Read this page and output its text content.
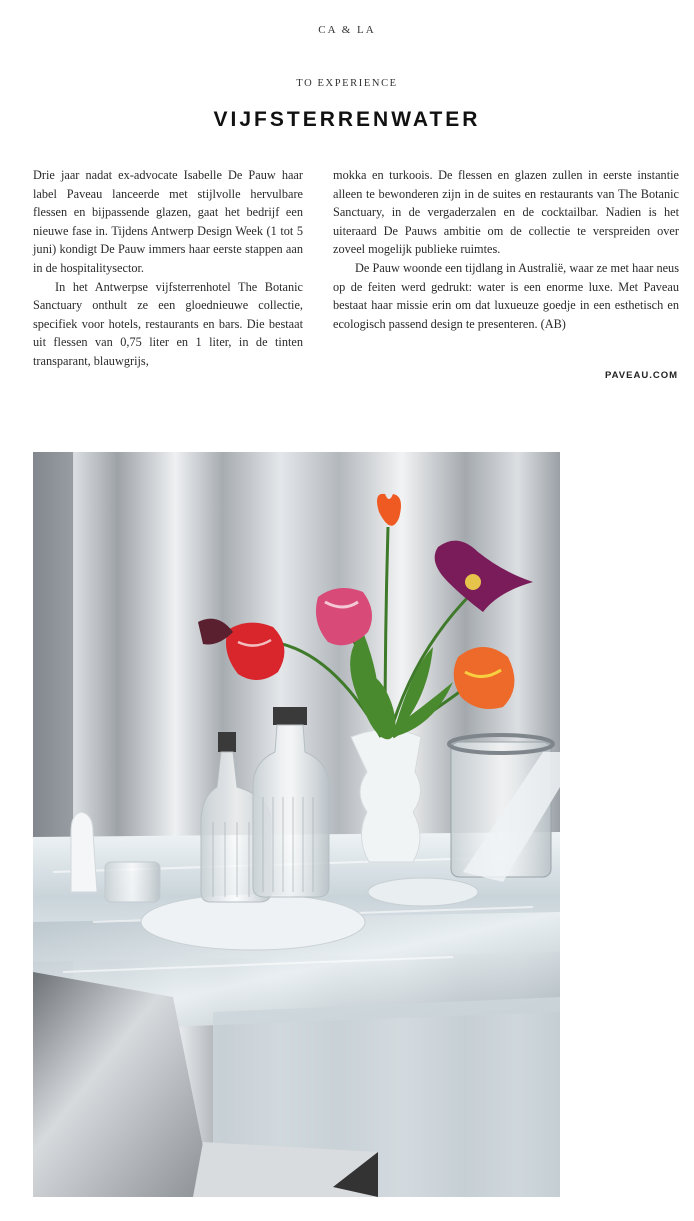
CA & LA
TO EXPERIENCE
VIJFSTERRENWATER

Drie jaar nadat ex-advocate Isabelle De Pauw haar label Paveau lanceerde met stijlvolle hervulbare flessen en bijpassende glazen, gaat het bedrijf een nieuwe fase in. Tijdens Antwerp Design Week (1 tot 5 juni) kondigt De Pauw immers haar eerste stappen aan in de hospitalitysector.

In het Antwerpse vijfsterrenhotel The Botanic Sanctuary onthult ze een gloednieuwe collectie, specifiek voor hotels, restaurants en bars. Die bestaat uit flessen van 0,75 liter en 1 liter, in de tinten transparant, blauwgrijs,

mokka en turkoois. De flessen en glazen zullen in eerste instantie alleen te bewonderen zijn in de suites en restaurants van The Botanic Sanctuary, in de vergaderzalen en de cocktailbar. Nadien is het uiteraard De Pauws ambitie om de collectie te verspreiden over zoveel mogelijk publieke ruimtes.

De Pauw woonde een tijdlang in Australië, waar ze met haar neus op de feiten werd gedrukt: water is een enorme luxe. Met Paveau bestaat haar missie erin om dat luxueuze goedje in een esthetisch en ecologisch passend design te presenteren. (AB)

PAVEAU.COM
